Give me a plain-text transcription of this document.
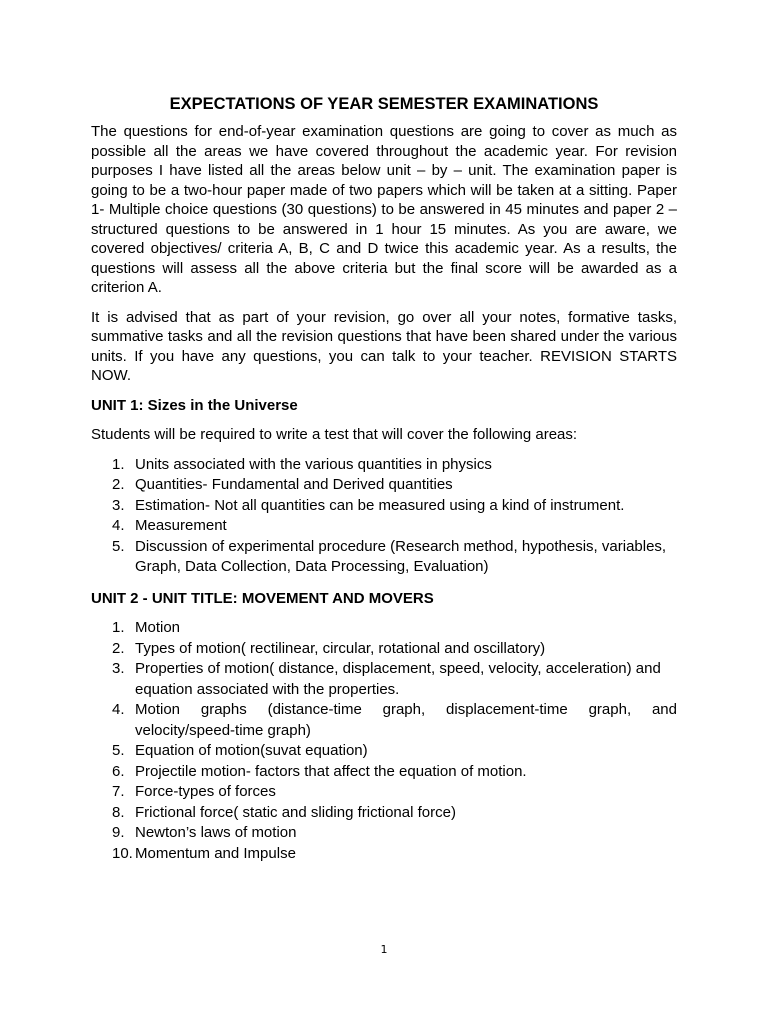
EXPECTATIONS OF YEAR SEMESTER EXAMINATIONS

The questions for end-of-year examination questions are going to cover as much as possible all the areas we have covered throughout the academic year. For revision purposes I have listed all the areas below unit – by – unit. The examination paper is going to be a two-hour paper made of two papers which will be taken at a sitting. Paper 1- Multiple choice questions (30 questions) to be answered in 45 minutes and paper 2 – structured questions to be answered in 1 hour 15 minutes. As you are aware, we covered objectives/ criteria A, B, C and D twice this academic year. As a results, the questions will assess all the above criteria but the final score will be awarded as a criterion A.

It is advised that as part of your revision, go over all your notes, formative tasks, summative tasks and all the revision questions that have been shared under the various units. If you have any questions, you can talk to your teacher. REVISION STARTS NOW.

UNIT 1: Sizes in the Universe
Students will be required to write a test that will cover the following areas:
1. Units associated with the various quantities in physics
2. Quantities- Fundamental and Derived quantities
3. Estimation- Not all quantities can be measured using a kind of instrument.
4. Measurement
5. Discussion of experimental procedure (Research method, hypothesis, variables, Graph, Data Collection, Data Processing, Evaluation)
UNIT 2 - UNIT TITLE: MOVEMENT AND MOVERS
1. Motion
2. Types of motion( rectilinear, circular, rotational and oscillatory)
3. Properties of motion( distance, displacement, speed, velocity, acceleration) and equation associated with the properties.
4. Motion graphs (distance-time graph, displacement-time graph, and velocity/speed-time graph)
5. Equation of motion(suvat equation)
6. Projectile motion- factors that affect the equation of motion.
7. Force-types of forces
8. Frictional force( static and sliding frictional force)
9. Newton’s laws of motion
10. Momentum and Impulse
1
